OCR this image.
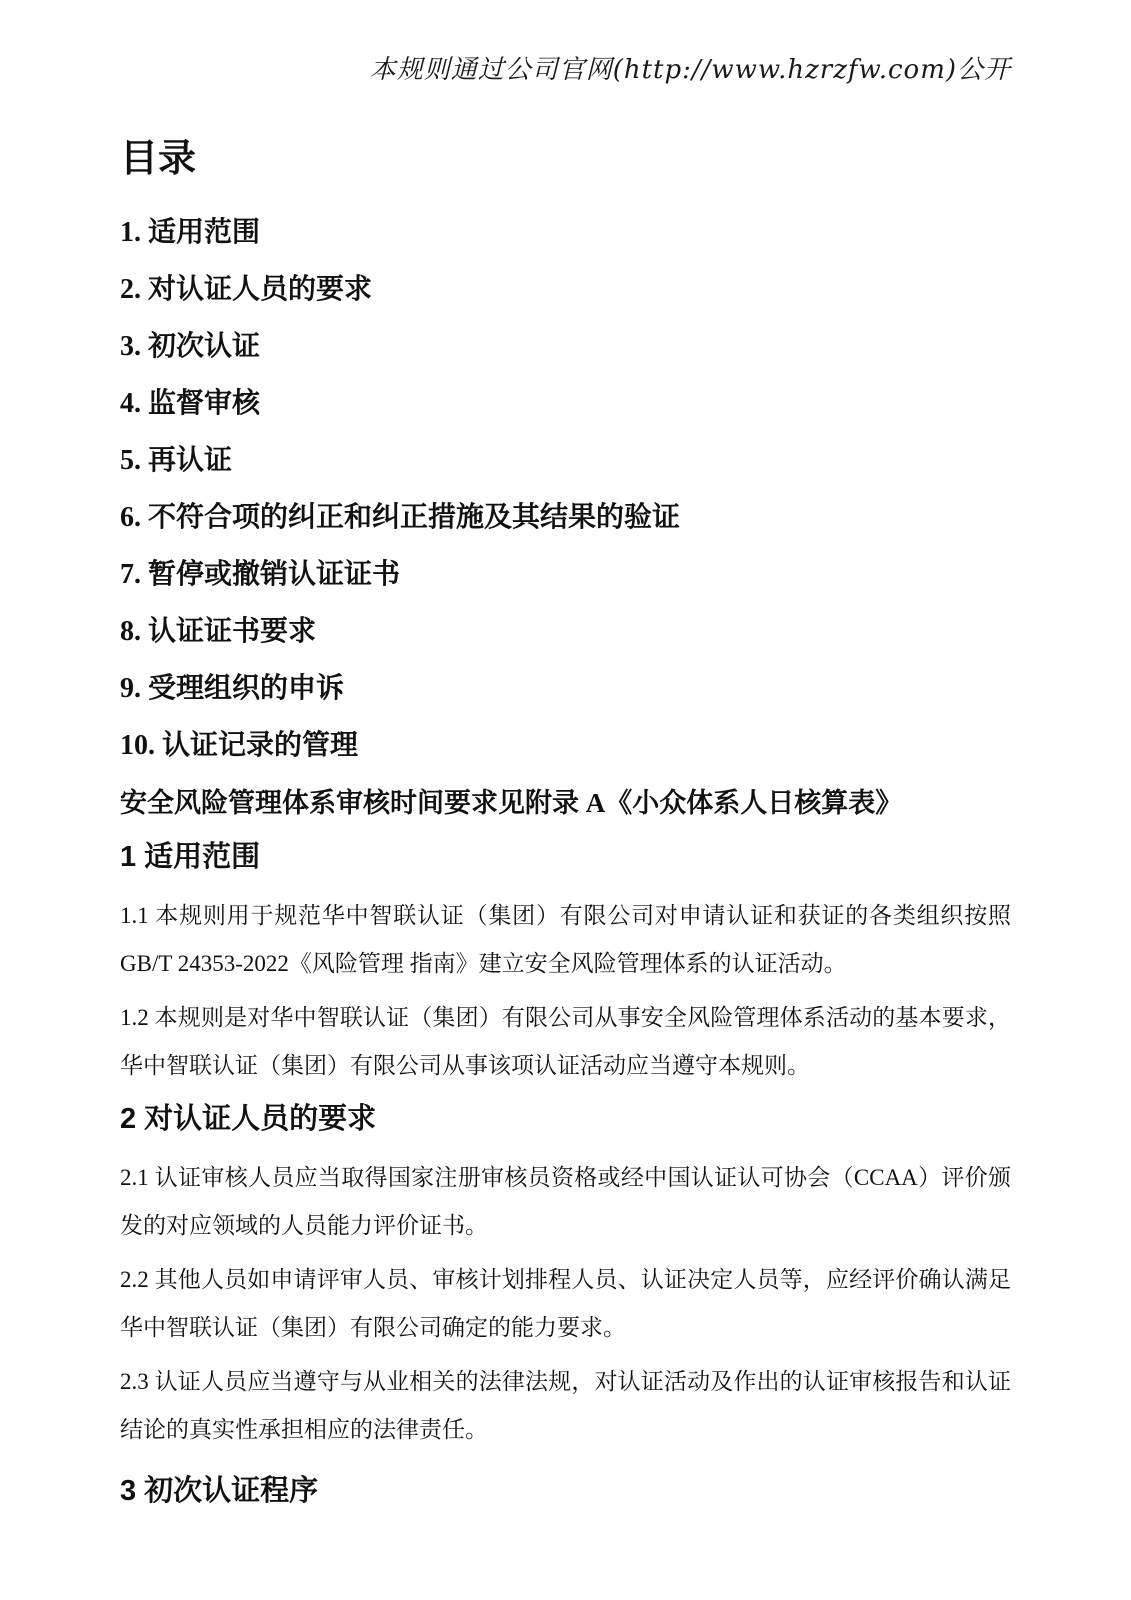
本规则通过公司官网(http://www.hzrzfw.com)公开
目录
1. 适用范围
2. 对认证人员的要求
3. 初次认证
4. 监督审核
5. 再认证
6. 不符合项的纠正和纠正措施及其结果的验证
7. 暂停或撤销认证证书
8. 认证证书要求
9. 受理组织的申诉
10. 认证记录的管理
安全风险管理体系审核时间要求见附录 A《小众体系人日核算表》
1 适用范围

1.1 本规则用于规范华中智联认证（集团）有限公司对申请认证和获证的各类组织按照GB/T 24353-2022《风险管理 指南》建立安全风险管理体系的认证活动。

1.2 本规则是对华中智联认证（集团）有限公司从事安全风险管理体系活动的基本要求，华中智联认证（集团）有限公司从事该项认证活动应当遵守本规则。

2 对认证人员的要求

2.1 认证审核人员应当取得国家注册审核员资格或经中国认证认可协会（CCAA）评价颁发的对应领域的人员能力评价证书。

2.2 其他人员如申请评审人员、审核计划排程人员、认证决定人员等，应经评价确认满足华中智联认证（集团）有限公司确定的能力要求。

2.3 认证人员应当遵守与从业相关的法律法规，对认证活动及作出的认证审核报告和认证结论的真实性承担相应的法律责任。

3 初次认证程序
